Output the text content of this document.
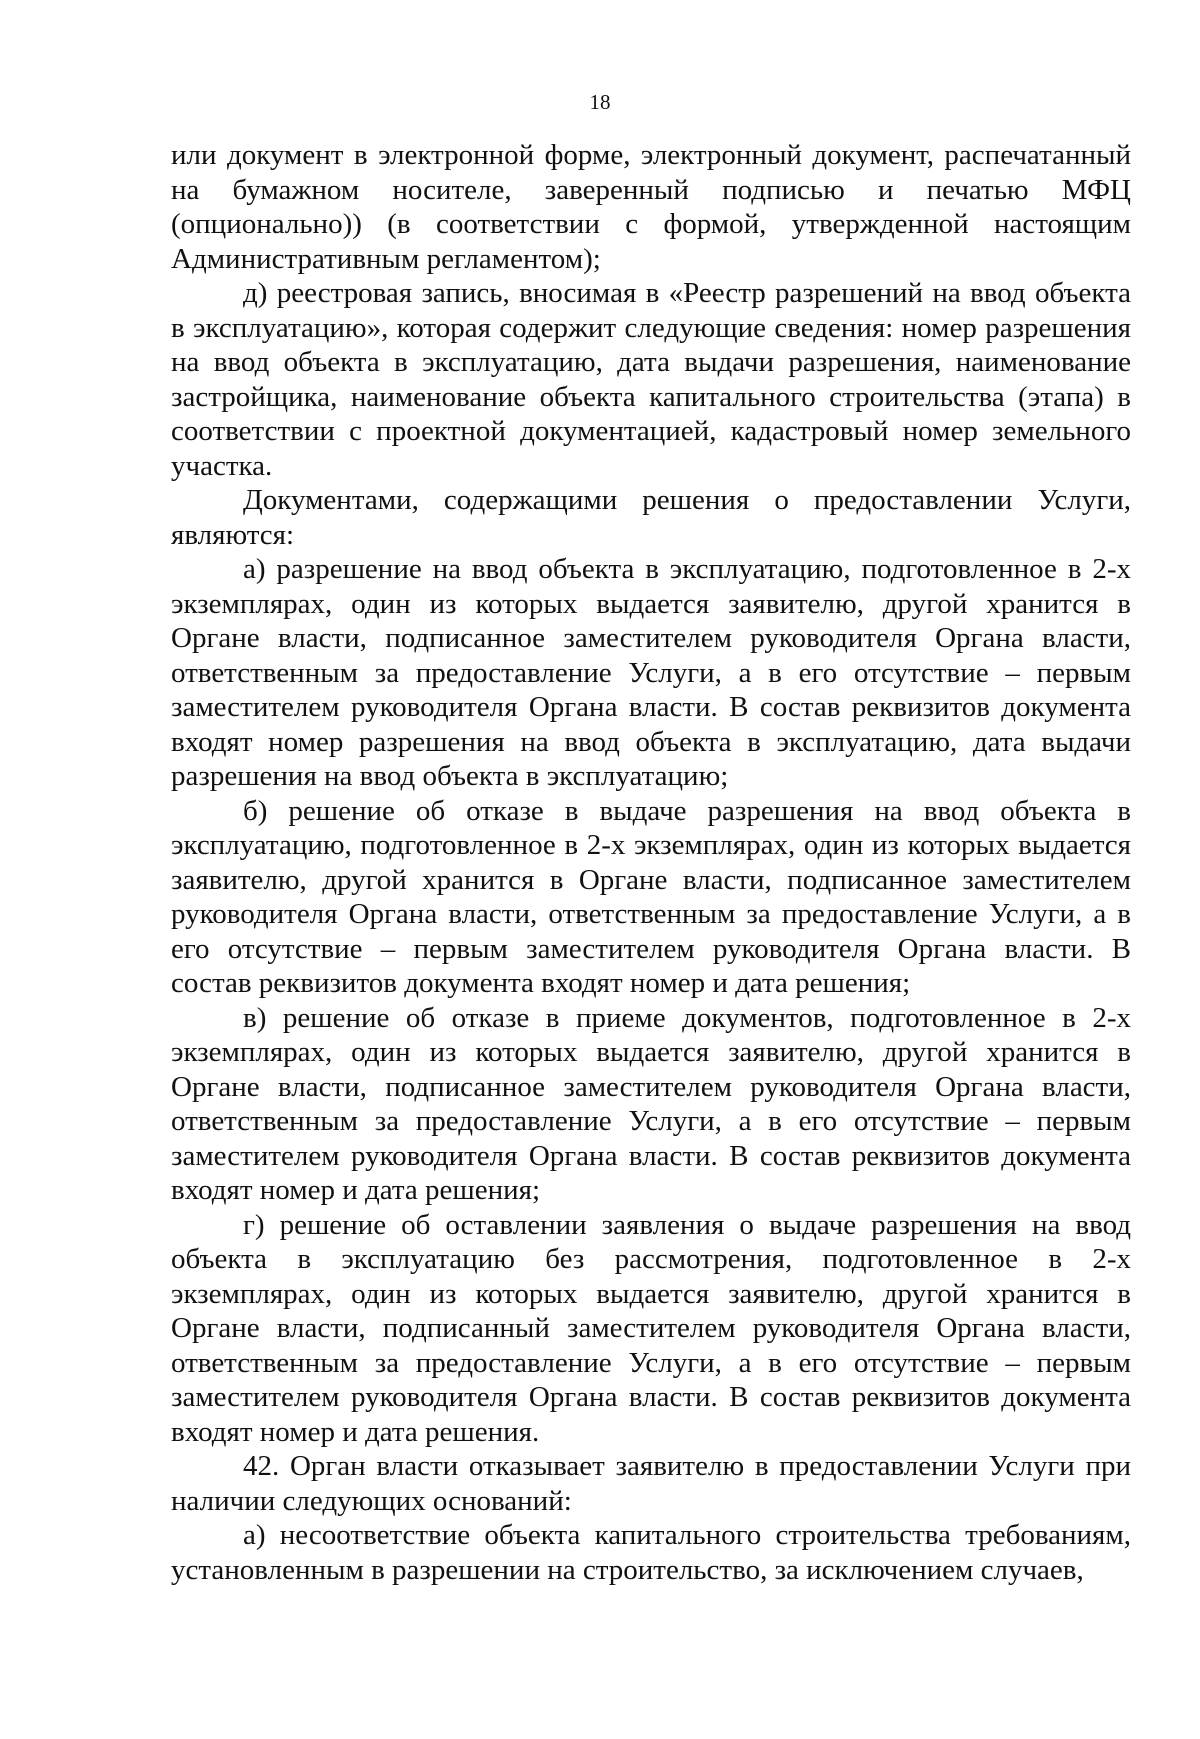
18

или документ в электронной форме, электронный документ, распечатанный на бумажном носителе, заверенный подписью и печатью МФЦ (опционально)) (в соответствии с формой, утвержденной настоящим Административным регламентом);

д) реестровая запись, вносимая в «Реестр разрешений на ввод объекта в эксплуатацию», которая содержит следующие сведения: номер разрешения на ввод объекта в эксплуатацию, дата выдачи разрешения, наименование застройщика, наименование объекта капитального строительства (этапа) в соответствии с проектной документацией, кадастровый номер земельного участка.

Документами, содержащими решения о предоставлении Услуги, являются:

а) разрешение на ввод объекта в эксплуатацию, подготовленное в 2-х экземплярах, один из которых выдается заявителю, другой хранится в Органе власти, подписанное заместителем руководителя Органа власти, ответственным за предоставление Услуги, а в его отсутствие – первым заместителем руководителя Органа власти. В состав реквизитов документа входят номер разрешения на ввод объекта в эксплуатацию, дата выдачи разрешения на ввод объекта в эксплуатацию;

б) решение об отказе в выдаче разрешения на ввод объекта в эксплуатацию, подготовленное в 2-х экземплярах, один из которых выдается заявителю, другой хранится в Органе власти, подписанное заместителем руководителя Органа власти, ответственным за предоставление Услуги, а в его отсутствие – первым заместителем руководителя Органа власти. В состав реквизитов документа входят номер и дата решения;

в) решение об отказе в приеме документов, подготовленное в 2-х экземплярах, один из которых выдается заявителю, другой хранится в Органе власти, подписанное заместителем руководителя Органа власти, ответственным за предоставление Услуги, а в его отсутствие – первым заместителем руководителя Органа власти. В состав реквизитов документа входят номер и дата решения;

г) решение об оставлении заявления о выдаче разрешения на ввод объекта в эксплуатацию без рассмотрения, подготовленное в 2-х экземплярах, один из которых выдается заявителю, другой хранится в Органе власти, подписанный заместителем руководителя Органа власти, ответственным за предоставление Услуги, а в его отсутствие – первым заместителем руководителя Органа власти. В состав реквизитов документа входят номер и дата решения.

42. Орган власти отказывает заявителю в предоставлении Услуги при наличии следующих оснований:

а) несоответствие объекта капитального строительства требованиям, установленным в разрешении на строительство, за исключением случаев,
